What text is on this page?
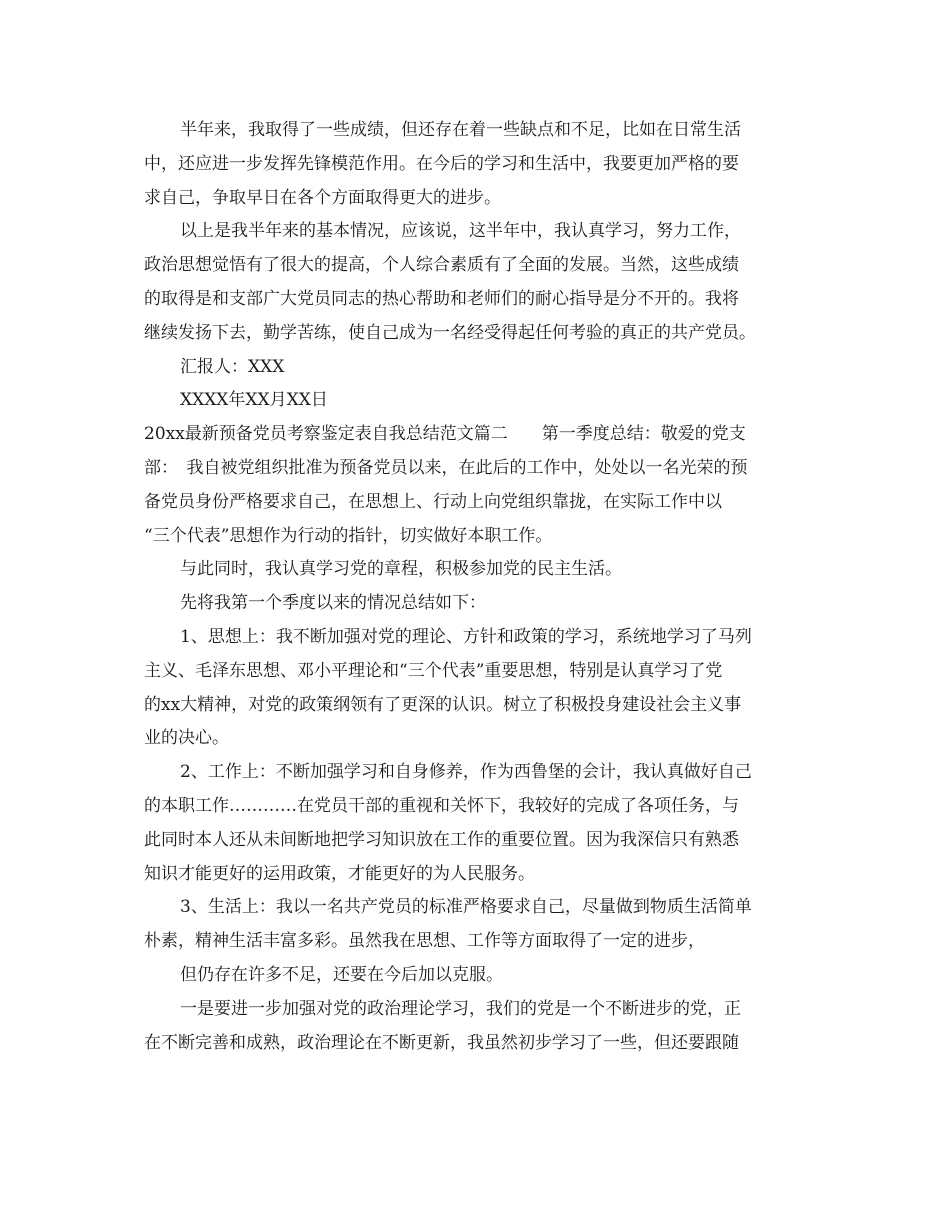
半年来，我取得了一些成绩，但还存在着一些缺点和不足，比如在日常生活
中，还应进一步发挥先锋模范作用。在今后的学习和生活中，我要更加严格的要
求自己，争取早日在各个方面取得更大的进步。
以上是我半年来的基本情况，应该说，这半年中，我认真学习，努力工作，
政治思想觉悟有了很大的提高，个人综合素质有了全面的发展。当然，这些成绩
的取得是和支部广大党员同志的热心帮助和老师们的耐心指导是分不开的。我将
继续发扬下去，勤学苦练，使自己成为一名经受得起任何考验的真正的共产党员。
汇报人：XXX
XXXX年XX月XX日
20xx最新预备党员考察鉴定表自我总结范文篇二　　第一季度总结：敬爱的党支
部：　我自被党组织批准为预备党员以来，在此后的工作中，处处以一名光荣的预
备党员身份严格要求自己，在思想上、行动上向党组织靠拢，在实际工作中以
“三个代表”思想作为行动的指针，切实做好本职工作。
与此同时，我认真学习党的章程，积极参加党的民主生活。
先将我第一个季度以来的情况总结如下：
1、思想上：我不断加强对党的理论、方针和政策的学习，系统地学习了马列
主义、毛泽东思想、邓小平理论和“三个代表”重要思想，特别是认真学习了党
的xx大精神，对党的政策纲领有了更深的认识。树立了积极投身建设社会主义事
业的决心。
2、工作上：不断加强学习和自身修养，作为西鲁堡的会计，我认真做好自己
的本职工作…………在党员干部的重视和关怀下，我较好的完成了各项任务，与
此同时本人还从未间断地把学习知识放在工作的重要位置。因为我深信只有熟悉
知识才能更好的运用政策，才能更好的为人民服务。
3、生活上：我以一名共产党员的标准严格要求自己，尽量做到物质生活简单
朴素，精神生活丰富多彩。虽然我在思想、工作等方面取得了一定的进步，
但仍存在许多不足，还要在今后加以克服。
一是要进一步加强对党的政治理论学习，我们的党是一个不断进步的党，正
在不断完善和成熟，政治理论在不断更新，我虽然初步学习了一些，但还要跟随
